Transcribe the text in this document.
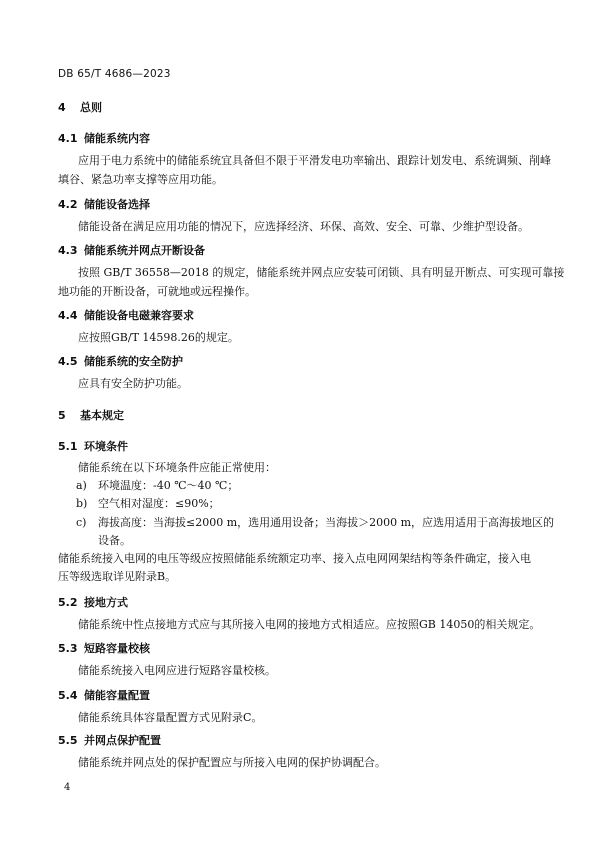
DB 65/T 4686—2023
4 总则
4.1 储能系统内容
应用于电力系统中的储能系统宜具备但不限于平滑发电功率输出、跟踪计划发电、系统调频、削峰
填谷、紧急功率支撑等应用功能。
4.2 储能设备选择
储能设备在满足应用功能的情况下，应选择经济、环保、高效、安全、可靠、少维护型设备。
4.3 储能系统并网点开断设备
按照 GB/T 36558—2018 的规定，储能系统并网点应安装可闭锁、具有明显开断点、可实现可靠接
地功能的开断设备，可就地或远程操作。
4.4 储能设备电磁兼容要求
应按照GB/T 14598.26的规定。
4.5 储能系统的安全防护
应具有安全防护功能。
5 基本规定
5.1 环境条件
储能系统在以下环境条件应能正常使用：
a) 环境温度：-40 ℃～40 ℃；
b) 空气相对湿度：≤90%；
c) 海拔高度：当海拔≤2000 m，选用通用设备；当海拔＞2000 m，应选用适用于高海拔地区的
设备。
储能系统接入电网的电压等级应按照储能系统额定功率、接入点电网网架结构等条件确定，接入电
压等级选取详见附录B。
5.2 接地方式
储能系统中性点接地方式应与其所接入电网的接地方式相适应。应按照GB 14050的相关规定。
5.3 短路容量校核
储能系统接入电网应进行短路容量校核。
5.4 储能容量配置
储能系统具体容量配置方式见附录C。
5.5 并网点保护配置
储能系统并网点处的保护配置应与所接入电网的保护协调配合。
4
